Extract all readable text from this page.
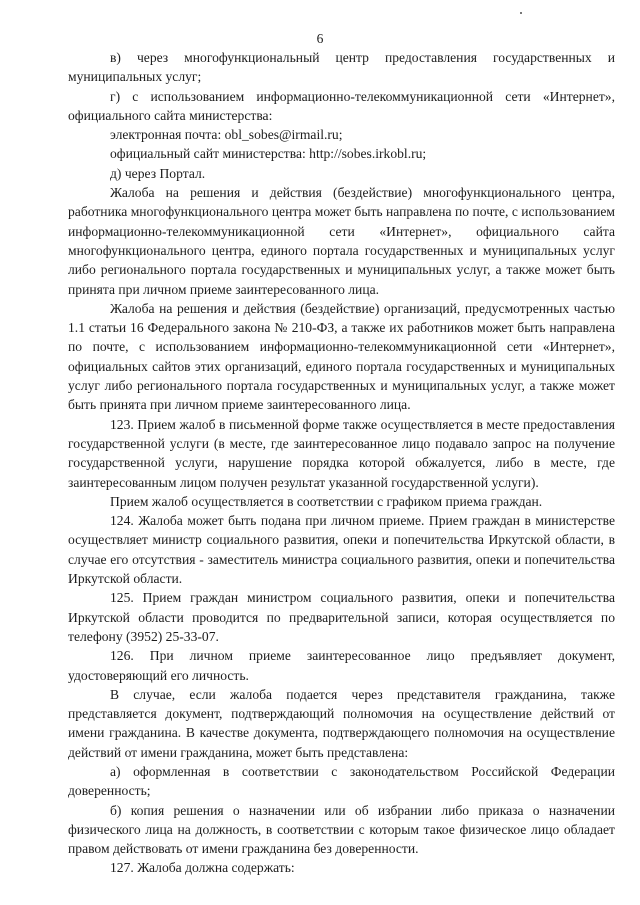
6

в) через многофункциональный центр предоставления государственных и муниципальных услуг;

г) с использованием информационно-телекоммуникационной сети «Интернет», официального сайта министерства:

электронная почта: obl_sobes@irmail.ru;

официальный сайт министерства: http://sobes.irkobl.ru;

д) через Портал.

Жалоба на решения и действия (бездействие) многофункционального центра, работника многофункционального центра может быть направлена по почте, с использованием информационно-телекоммуникационной сети «Интернет», официального сайта многофункционального центра, единого портала государственных и муниципальных услуг либо регионального портала государственных и муниципальных услуг, а также может быть принята при личном приеме заинтересованного лица.

Жалоба на решения и действия (бездействие) организаций, предусмотренных частью 1.1 статьи 16 Федерального закона № 210-ФЗ, а также их работников может быть направлена по почте, с использованием информационно-телекоммуникационной сети «Интернет», официальных сайтов этих организаций, единого портала государственных и муниципальных услуг либо регионального портала государственных и муниципальных услуг, а также может быть принята при личном приеме заинтересованного лица.

123. Прием жалоб в письменной форме также осуществляется в месте предоставления государственной услуги (в месте, где заинтересованное лицо подавало запрос на получение государственной услуги, нарушение порядка которой обжалуется, либо в месте, где заинтересованным лицом получен результат указанной государственной услуги).

Прием жалоб осуществляется в соответствии с графиком приема граждан.

124. Жалоба может быть подана при личном приеме. Прием граждан в министерстве осуществляет министр социального развития, опеки и попечительства Иркутской области, в случае его отсутствия - заместитель министра социального развития, опеки и попечительства Иркутской области.

125. Прием граждан министром социального развития, опеки и попечительства Иркутской области проводится по предварительной записи, которая осуществляется по телефону (3952) 25-33-07.

126. При личном приеме заинтересованное лицо предъявляет документ, удостоверяющий его личность.

В случае, если жалоба подается через представителя гражданина, также представляется документ, подтверждающий полномочия на осуществление действий от имени гражданина. В качестве документа, подтверждающего полномочия на осуществление действий от имени гражданина, может быть представлена:

а) оформленная в соответствии с законодательством Российской Федерации доверенность;

б) копия решения о назначении или об избрании либо приказа о назначении физического лица на должность, в соответствии с которым такое физическое лицо обладает правом действовать от имени гражданина без доверенности.

127. Жалоба должна содержать:
